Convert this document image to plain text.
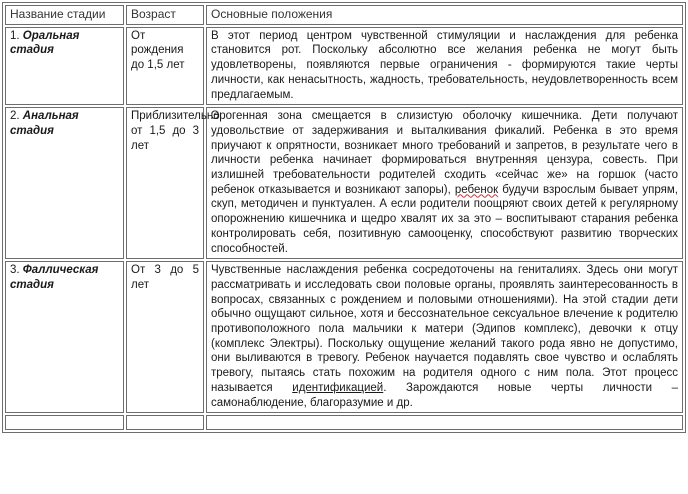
Название стадии	Возраст	Основные положения
1. Оральная стадия	От рождения до 1,5 лет	В этот период центром чувственной стимуляции и наслаждения для ребенка становится рот. Поскольку абсолютно все желания ребенка не могут быть удовлетворены, появляются первые ограничения - формируются такие черты личности, как ненасытность, жадность, требовательность, неудовлетворенность всем предлагаемым.
2. Анальная стадия	Приблизительно от 1,5 до 3 лет	Эрогенная зона смещается в слизистую оболочку кишечника. Дети получают удовольствие от задерживания и выталкивания фикалий. Ребенка в это время приучают к опрятности, возникает много требований и запретов, в результате чего в личности ребенка начинает формироваться внутренняя цензура, совесть. При излишней требовательности родителей сходить «сейчас же» на горшок (часто ребенок отказывается и возникают запоры), ребенок будучи взрослым бывает упрям, скуп, методичен и пунктуален. А если родители поощряют своих детей к регулярному опорожнению кишечника и щедро хвалят их за это – воспитывают старания ребенка контролировать себя, позитивную самооценку, способствуют развитию творческих способностей.
3. Фаллическая стадия	От 3 до 5 лет	Чувственные наслаждения ребенка сосредоточены на гениталиях. Здесь они могут рассматривать и исследовать свои половые органы, проявлять заинтересованность в вопросах, связанных с рождением и половыми отношениями). На этой стадии дети обычно ощущают сильное, хотя и бессознательное сексуальное влечение к родителю противоположного пола мальчики к матери (Эдипов комплекс), девочки к отцу (комплекс Электры). Поскольку ощущение желаний такого рода явно не допустимо, они выливаются в тревогу. Ребенок научается подавлять свое чувство и ослаблять тревогу, пытаясь стать похожим на родителя одного с ним пола. Этот процесс называется идентификацией. Зарождаются новые черты личности – самонаблюдение, благоразумие и др.
